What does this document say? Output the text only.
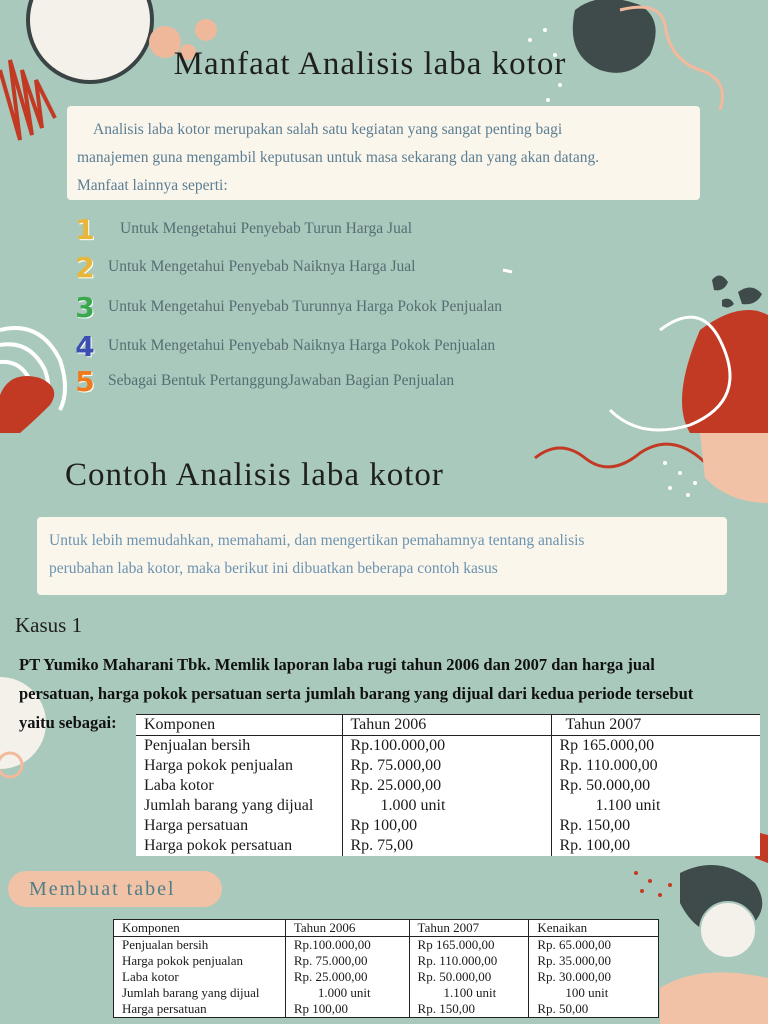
Manfaat Analisis laba kotor
Analisis laba kotor merupakan salah satu kegiatan yang sangat penting bagi
manajemen guna mengambil keputusan untuk masa sekarang dan yang akan datang.
Manfaat lainnya seperti:
1	Untuk Mengetahui Penyebab Turun Harga Jual
2 Untuk Mengetahui Penyebab Naiknya Harga Jual
3 Untuk Mengetahui Penyebab Turunnya Harga Pokok Penjualan
4 Untuk Mengetahui Penyebab Naiknya Harga Pokok Penjualan
5 Sebagai Bentuk PertanggungJawaban Bagian Penjualan
Contoh Analisis laba kotor
Untuk lebih memudahkan, memahami, dan mengertikan pemahamnya tentang analisis
perubahan laba kotor, maka berikut ini dibuatkan beberapa contoh kasus
Kasus 1
PT Yumiko Maharani Tbk. Memlik laporan laba rugi tahun 2006 dan 2007 dan harga jual
persatuan, harga pokok persatuan serta jumlah barang yang dijual dari kedua periode tersebut
yaitu sebagai:	Komponen	Tahun 2006	Tahun 2007
Penjualan bersih	Rp.100.000,00	Rp 165.000,00
Harga pokok penjualan	Rp. 75.000,00	Rp. 110.000,00
Laba kotor	Rp. 25.000,00	Rp. 50.000,00
Jumlah barang yang dijual	1.000 unit	1.100 unit
Harga persatuan	Rp 100,00	Rp. 150,00
Harga pokok persatuan	Rp. 75,00	Rp. 100,00
Membuat tabel
Komponen	Tahun 2006	Tahun 2007	Kenaikan
Penjualan bersih	Rp.100.000,00	Rp 165.000,00	Rp. 65.000,00
Harga pokok penjualan	Rp. 75.000,00	Rp. 110.000,00	Rp. 35.000,00
Laba kotor	Rp. 25.000,00	Rp. 50.000,00	Rp. 30.000,00
Jumlah barang yang dijual	1.000 unit	1.100 unit	100 unit
Harga persatuan	Rp 100,00	Rp. 150,00	Rp. 50,00
